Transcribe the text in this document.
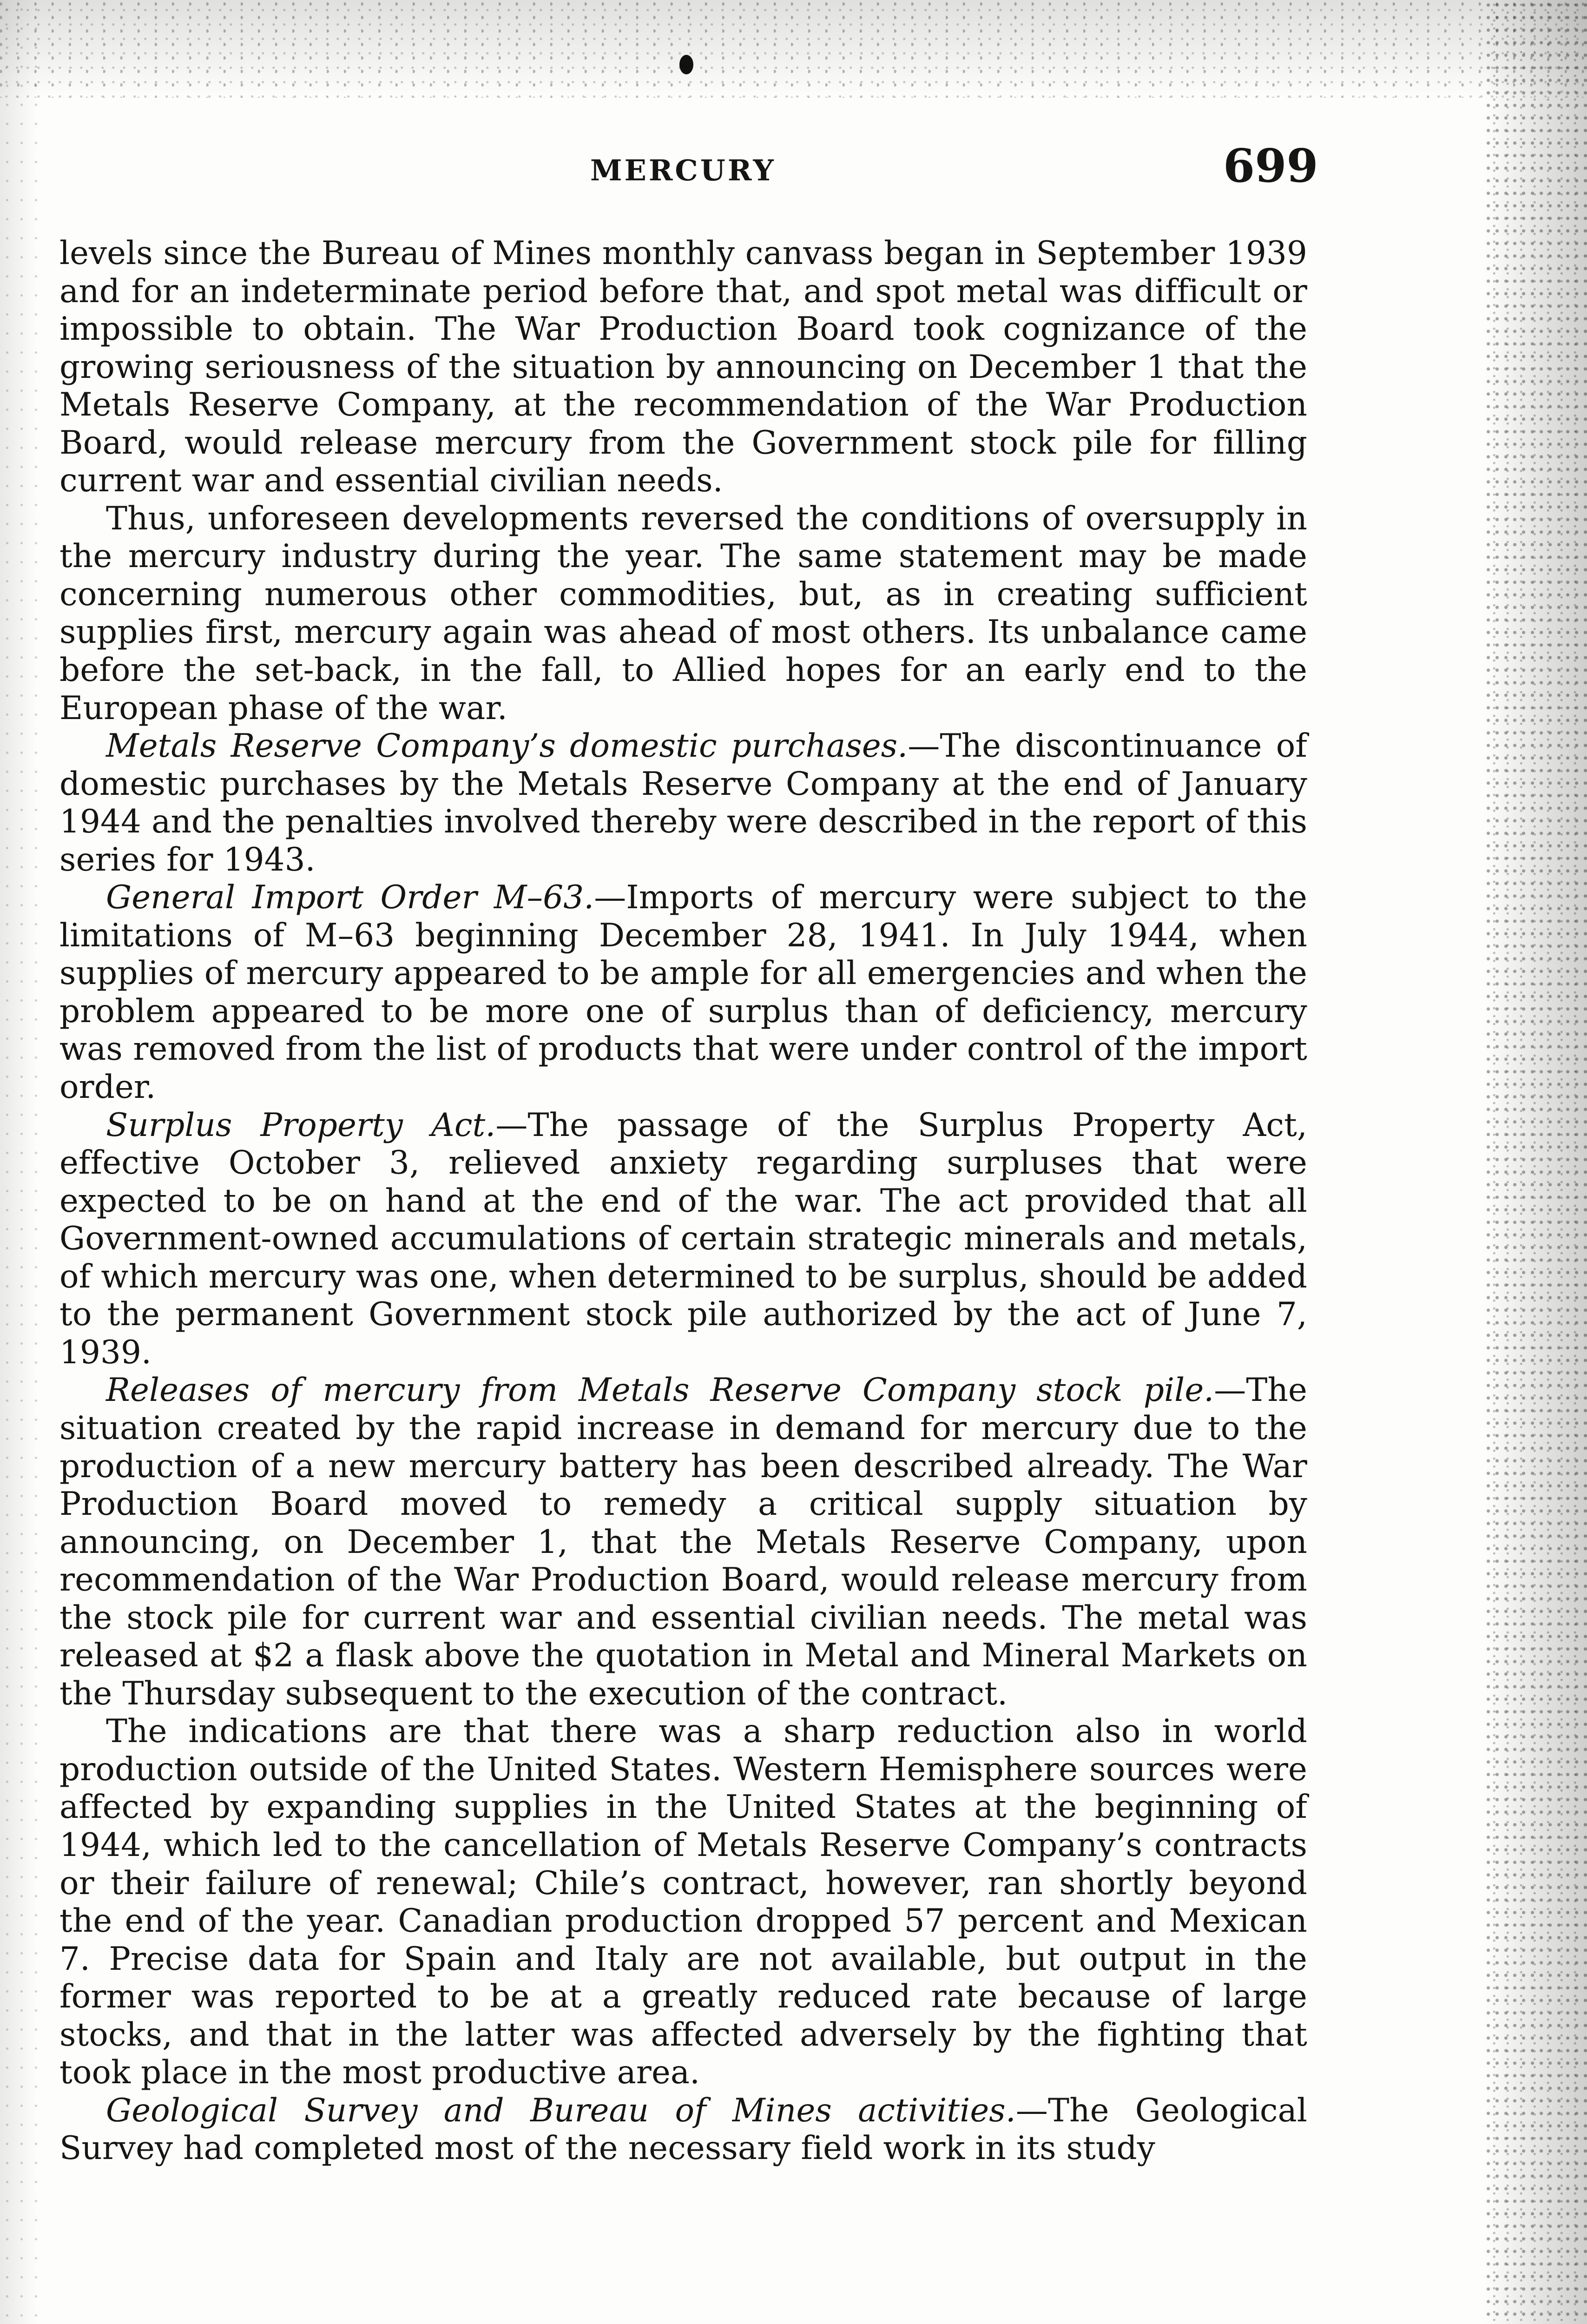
MERCURY	699

levels since the Bureau of Mines monthly canvass began in September 1939 and for an indeterminate period before that, and spot metal was difficult or impossible to obtain. The War Production Board took cognizance of the growing seriousness of the situation by announcing on December 1 that the Metals Reserve Company, at the recommendation of the War Production Board, would release mercury from the Government stock pile for filling current war and essential civilian needs.

Thus, unforeseen developments reversed the conditions of oversupply in the mercury industry during the year. The same statement may be made concerning numerous other commodities, but, as in creating sufficient supplies first, mercury again was ahead of most others. Its unbalance came before the set-back, in the fall, to Allied hopes for an early end to the European phase of the war.

Metals Reserve Company’s domestic purchases.—The discontinuance of domestic purchases by the Metals Reserve Company at the end of January 1944 and the penalties involved thereby were described in the report of this series for 1943.

General Import Order M–63.—Imports of mercury were subject to the limitations of M–63 beginning December 28, 1941. In July 1944, when supplies of mercury appeared to be ample for all emergencies and when the problem appeared to be more one of surplus than of deficiency, mercury was removed from the list of products that were under control of the import order.

Surplus Property Act.—The passage of the Surplus Property Act, effective October 3, relieved anxiety regarding surpluses that were expected to be on hand at the end of the war. The act provided that all Government-owned accumulations of certain strategic minerals and metals, of which mercury was one, when determined to be surplus, should be added to the permanent Government stock pile authorized by the act of June 7, 1939.

Releases of mercury from Metals Reserve Company stock pile.—The situation created by the rapid increase in demand for mercury due to the production of a new mercury battery has been described already. The War Production Board moved to remedy a critical supply situation by announcing, on December 1, that the Metals Reserve Company, upon recommendation of the War Production Board, would release mercury from the stock pile for current war and essential civilian needs. The metal was released at $2 a flask above the quotation in Metal and Mineral Markets on the Thursday subsequent to the execution of the contract.

The indications are that there was a sharp reduction also in world production outside of the United States. Western Hemisphere sources were affected by expanding supplies in the United States at the beginning of 1944, which led to the cancellation of Metals Reserve Company’s contracts or their failure of renewal; Chile’s contract, however, ran shortly beyond the end of the year. Canadian production dropped 57 percent and Mexican 7. Precise data for Spain and Italy are not available, but output in the former was reported to be at a greatly reduced rate because of large stocks, and that in the latter was affected adversely by the fighting that took place in the most productive area.

Geological Survey and Bureau of Mines activities.—The Geological Survey had completed most of the necessary field work in its study
